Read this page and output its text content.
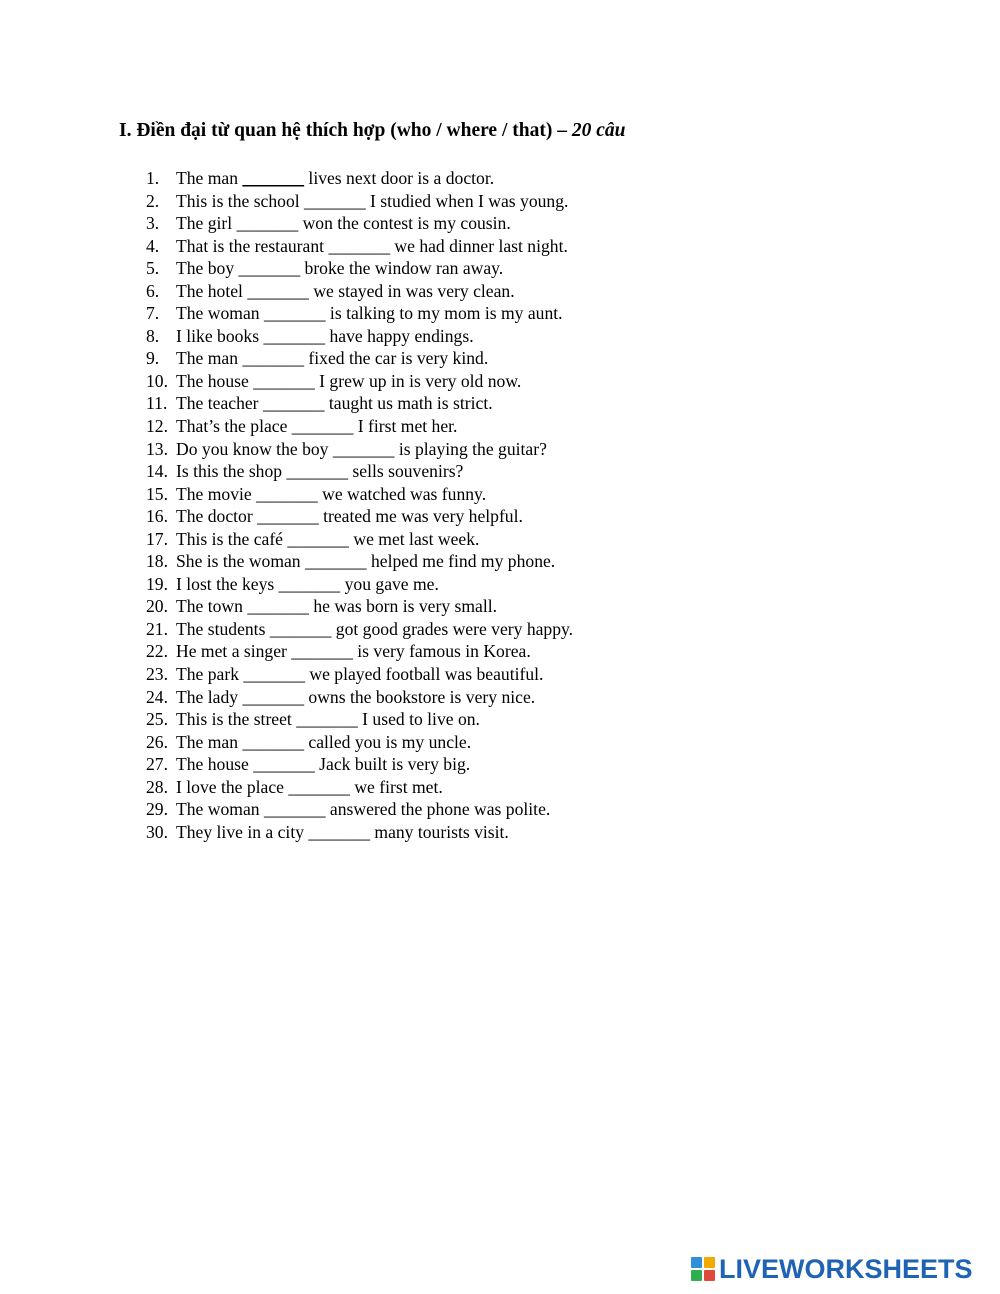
I. Điền đại từ quan hệ thích hợp (who / where / that) – 20 câu
1. The man _______ lives next door is a doctor.
2. This is the school _______ I studied when I was young.
3. The girl _______ won the contest is my cousin.
4. That is the restaurant _______ we had dinner last night.
5. The boy _______ broke the window ran away.
6. The hotel _______ we stayed in was very clean.
7. The woman _______ is talking to my mom is my aunt.
8. I like books _______ have happy endings.
9. The man _______ fixed the car is very kind.
10. The house _______ I grew up in is very old now.
11. The teacher _______ taught us math is strict.
12. That’s the place _______ I first met her.
13. Do you know the boy _______ is playing the guitar?
14. Is this the shop _______ sells souvenirs?
15. The movie _______ we watched was funny.
16. The doctor _______ treated me was very helpful.
17. This is the café _______ we met last week.
18. She is the woman _______ helped me find my phone.
19. I lost the keys _______ you gave me.
20. The town _______ he was born is very small.
21. The students _______ got good grades were very happy.
22. He met a singer _______ is very famous in Korea.
23. The park _______ we played football was beautiful.
24. The lady _______ owns the bookstore is very nice.
25. This is the street _______ I used to live on.
26. The man _______ called you is my uncle.
27. The house _______ Jack built is very big.
28. I love the place _______ we first met.
29. The woman _______ answered the phone was polite.
30. They live in a city _______ many tourists visit.
LIVEWORKSHEETS
